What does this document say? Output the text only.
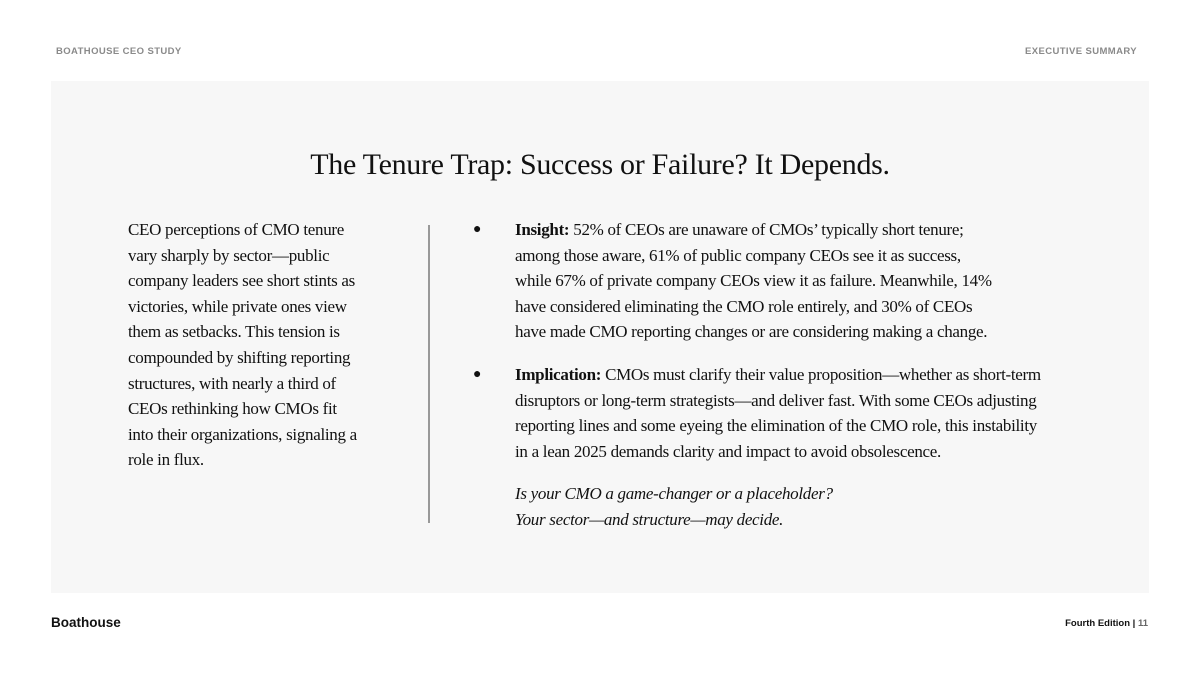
BOATHOUSE CEO STUDY	EXECUTIVE SUMMARY
The Tenure Trap: Success or Failure? It Depends.
CEO perceptions of CMO tenure
vary sharply by sector—public
company leaders see short stints as
victories, while private ones view
them as setbacks. This tension is
compounded by shifting reporting
structures, with nearly a third of
CEOs rethinking how CMOs fit
into their organizations, signaling a
role in flux.
● Insight: 52% of CEOs are unaware of CMOs’ typically short tenure;
among those aware, 61% of public company CEOs see it as success,
while 67% of private company CEOs view it as failure. Meanwhile, 14%
have considered eliminating the CMO role entirely, and 30% of CEOs
have made CMO reporting changes or are considering making a change.
● Implication: CMOs must clarify their value proposition—whether as short-term
disruptors or long-term strategists—and deliver fast. With some CEOs adjusting
reporting lines and some eyeing the elimination of the CMO role, this instability
in a lean 2025 demands clarity and impact to avoid obsolescence.
Is your CMO a game-changer or a placeholder?
Your sector—and structure—may decide.
Boathouse	Fourth Edition | 11
